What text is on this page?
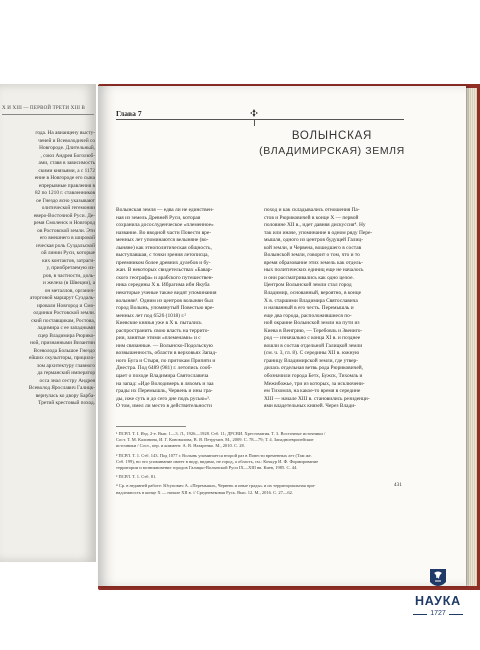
Х И ХIII — ПЕРВОЙ ТРЕТИ XIII В
года. На авиаицену высту-
ченей и Всеволодичей со
Новгороде. Длительный,
, союз Андрея Боголюб-
ами, ставя в зависимость
скими князьями, а с 1172
ение в Новгороде его сына
епрерывные правления в
82 по 1210 г. ставленников
ое Гнездо ясно указывают
олитической гегемонии
еверо-Восточной Руси. Де-
ремя Смоленск и Новгород
ов Ростовской земли. Эти
его внешнего в широкой
ическая роль Суздальской
ой линии Руси, которые
ких контактов, затраги-
у, приобретаемую из-
ров, в частности, доль-
и железа (в Швеции), а
он металлов, органич-
аторговой маршрут Суздаль-
ировали Новгород и Смо-
олдинки Ростовской земли.
ский поставщикам, Ростова,
ладимира с ее западными
сцер Владимира Рюрико-
ной, признанными Византии
Всеволода Большое Гнездо
ейших скульпторы, прицило-
зом архитектуру главного
да германский император
осса знал сестру Андрея
Всеволод Ярославич Галицк-
вернулась ко двору Барба-
Третий крестовый поход.
Глава 7
ВОЛЫНСКАЯ
(ВЛАДИМИРСКАЯ) ЗЕМЛЯ
Волынская земля — едва ли не единствен-
ная из земель Древней Руси, которая
сохранила досослуденческое «племенное»
название. Во вводной части Повести вре-
менных лет упоминаются велыняне (во-
лыняне) как этнополитическая общность,
выступавшая, с точки зрения летописца,
преемником более древних дулебов и бу-
жан. В некоторых свидетельствах «Бавар-
ского географа» и арабского путешествен-
ника середины X в. Ибрагима ибн Якуба
некоторые ученые также видят упоминания
волынян¹. Одним из центров волынян был
город Волынь, упомянутый Повестью вре-
менных лет под 6526 (1018) г.²
Киевские князья уже в X в. пытались
распространить свою власть на террито-
рии, занятые этими «племенами» и с
ним связанные. — Волынско-Подольскую
возвышенность, области в верховьях Запад-
ного Буга и Стыря, по притокам Припяти и
Днестра. Под 6489 (981) г. летопись сооб-
щает о походе Владимира Святославича
на запад: «Иде Володимеръ в ляхомъ и заа
грады их Перемышль, Червень и ины гра-
ды, иже суть и до сего дне подъ русью»³.
О том, имел ли место в действительности
поход и как складывались отношения Па-
стов и Рюриковичей в конце X — первой
половине XII в., идет давняя дискуссия⁴. Ну
так или иначе, упоминание в одном ряду Пере-
мышля, одного из центров будущей Галиц-
кой земли, и Червена, вошедшего в состав
Волынской земли, говорит о том, что и то
время образование этих земель как отдель-
ных политических единиц еще не началось
и они рассматривались как одно целое.
Центром Волынской земли стал город
Владимир, основанный, вероятно, в конце
X в. старшими Владимира Святославича
и названный в его честь. Перемышль и
еще два города, расположившиеся по-
ной окраине Волынской земли на пути из
Киева в Венгрию, — Теребовль и Звениго-
род — изначально с конца XI в. и позднее
вошли в состав отдельной Галицкой земли
(см. ч. 3, гл. 8). С середины XII в. южную
границу Владимирской земли, где утвер-
дилась отдельная ветвь рода Рюриковичей,
обозначили города Бетх, Бужск, Тихомль и
Межибожье, три из которых, за исключени-
ем Тихомля, на какое-то время в середине
XIII — начале XIII в. становились резиденци-
ями владетельных князей. Через Влади-
¹ ПСРЛ. Т. I. Изд. 2-е. Вып. 1—3. Л., 1926—1928. Стб. 11; ДРСВИ. Хрестоматия. Т. 3. Восточные источники /
Сост. Т. М. Калинина, И. Г. Коновалова, В. Я. Петрухин. М., 2009. С. 78—79; Т. 4. Западноевропейские
источники / Сост., пер. и коммент. А. В. Назаренко. М., 2010. С. 28.
² ПСРЛ. Т. 1. Стб. 143. Под 1077 г. Волынь упоминается второй раз в Повести временных лет (Там же.
Стб. 199), но это упоминание имеет в виду, видимо, не город, а область, см.: Кочкур И. Ф. Формирование
территории и возникновение городов Галицко-Волынской Руси IX—XIII вв. Киев, 1985. С. 44.
³ ПСРЛ. Т. 1. Стб. 81.
⁴ Ср. в недавней работе: Юсупович А. «Перемышль, Червень и иные грады» и их территориальная при-
надлежность в конце X — начале XII в. // Средневековая Русь. Вып. 12. М., 2016. С. 27—62.
431
НАУКА
1727
